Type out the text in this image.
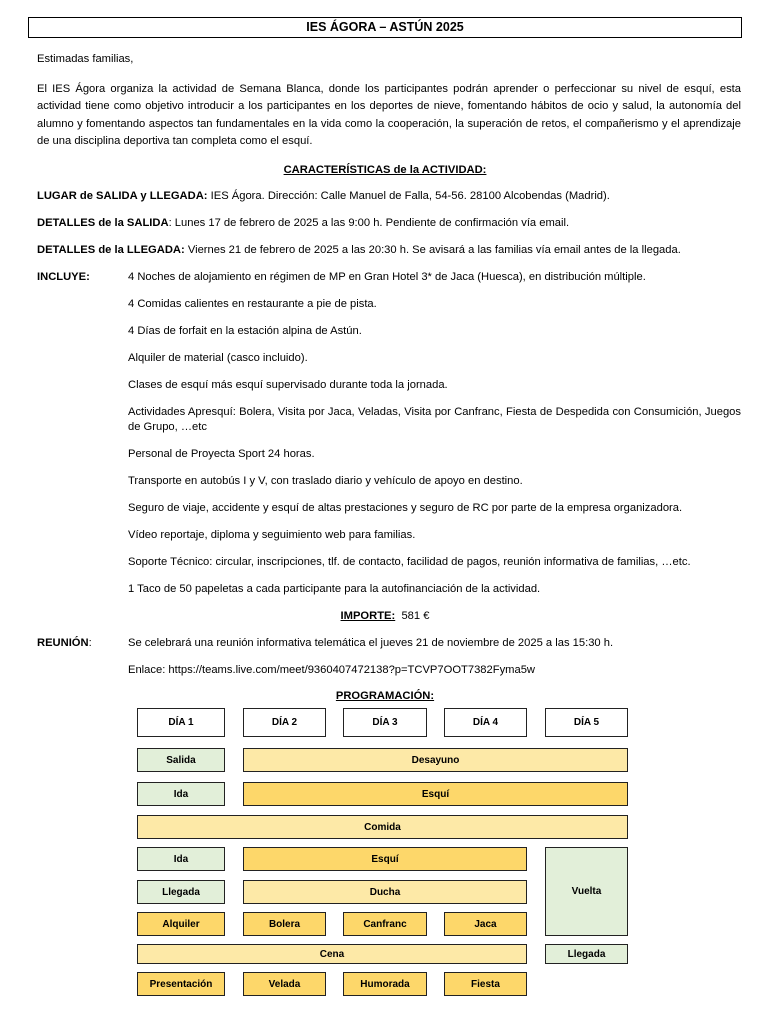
IES ÁGORA – ASTÚN 2025

Estimadas familias,

El IES Ágora organiza la actividad de Semana Blanca, donde los participantes podrán aprender o perfeccionar su nivel de esquí, esta actividad tiene como objetivo introducir a los participantes en los deportes de nieve, fomentando hábitos de ocio y salud, la autonomía del alumno y fomentando aspectos tan fundamentales en la vida como la cooperación, la superación de retos, el compañerismo y el aprendizaje de una disciplina deportiva tan completa como el esquí.

CARACTERÍSTICAS de la ACTIVIDAD:
LUGAR de SALIDA y LLEGADA: IES Ágora. Dirección: Calle Manuel de Falla, 54-56. 28100 Alcobendas (Madrid).
DETALLES de la SALIDA: Lunes 17 de febrero de 2025 a las 9:00 h. Pendiente de confirmación vía email.
DETALLES de la LLEGADA: Viernes 21 de febrero de 2025 a las 20:30 h. Se avisará a las familias vía email antes de la llegada.
INCLUYE:	4 Noches de alojamiento en régimen de MP en Gran Hotel 3* de Jaca (Huesca), en distribución múltiple.
4 Comidas calientes en restaurante a pie de pista.
4 Días de forfait en la estación alpina de Astún.
Alquiler de material (casco incluido).
Clases de esquí más esquí supervisado durante toda la jornada.
Actividades Apresquí: Bolera, Visita por Jaca, Veladas, Visita por Canfranc, Fiesta de Despedida con Consumición, Juegos de Grupo, …etc
Personal de Proyecta Sport 24 horas.
Transporte en autobús I y V, con traslado diario y vehículo de apoyo en destino.
Seguro de viaje, accidente y esquí de altas prestaciones y seguro de RC por parte de la empresa organizadora.
Vídeo reportaje, diploma y seguimiento web para familias.
Soporte Técnico: circular, inscripciones, tlf. de contacto, facilidad de pagos, reunión informativa de familias, …etc.
1 Taco de 50 papeletas a cada participante para la autofinanciación de la actividad.
IMPORTE: 581 €
REUNIÓN:	Se celebrará una reunión informativa telemática el jueves 21 de noviembre de 2025 a las 15:30 h.
Enlace: https://teams.live.com/meet/9360407472138?p=TCVP7OOT7382Fyma5w
PROGRAMACIÓN:
DÍA 1	DÍA 2	DÍA 3	DÍA 4	DÍA 5
Salida	Desayuno
Ida	Esquí
Comida
Ida	Esquí
Vuelta
Llegada	Ducha
Alquiler	Bolera	Canfranc	Jaca
Cena	Llegada
Presentación	Velada	Humorada	Fiesta
